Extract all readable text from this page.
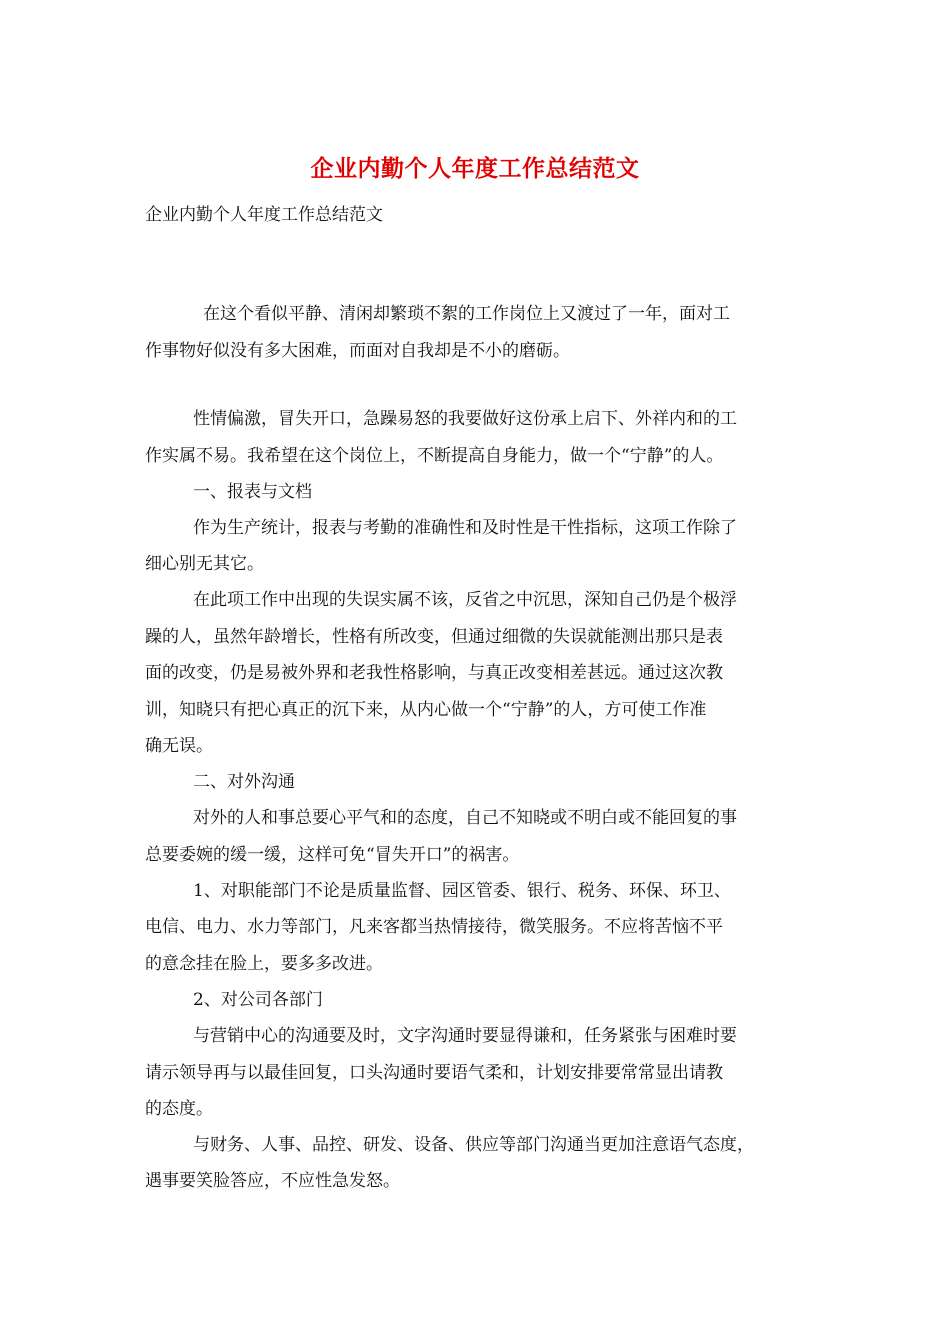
企业内勤个人年度工作总结范文
企业内勤个人年度工作总结范文
在这个看似平静、清闲却繁琐不絮的工作岗位上又渡过了一年，面对工
作事物好似没有多大困难，而面对自我却是不小的磨砺。
性情偏激，冒失开口，急躁易怒的我要做好这份承上启下、外祥内和的工
作实属不易。我希望在这个岗位上，不断提高自身能力，做一个“宁静”的人。
一、报表与文档
作为生产统计，报表与考勤的准确性和及时性是干性指标，这项工作除了
细心别无其它。
在此项工作中出现的失误实属不该，反省之中沉思，深知自己仍是个极浮
躁的人，虽然年龄增长，性格有所改变，但通过细微的失误就能测出那只是表
面的改变，仍是易被外界和老我性格影响，与真正改变相差甚远。通过这次教
训，知晓只有把心真正的沉下来，从内心做一个“宁静”的人，方可使工作准
确无误。
二、对外沟通
对外的人和事总要心平气和的态度，自己不知晓或不明白或不能回复的事
总要委婉的缓一缓，这样可免“冒失开口”的祸害。
1、对职能部门不论是质量监督、园区管委、银行、税务、环保、环卫、
电信、电力、水力等部门，凡来客都当热情接待，微笑服务。不应将苦恼不平
的意念挂在脸上，要多多改进。
2、对公司各部门
与营销中心的沟通要及时，文字沟通时要显得谦和，任务紧张与困难时要
请示领导再与以最佳回复，口头沟通时要语气柔和，计划安排要常常显出请教
的态度。
与财务、人事、品控、研发、设备、供应等部门沟通当更加注意语气态度，
遇事要笑脸答应，不应性急发怒。
